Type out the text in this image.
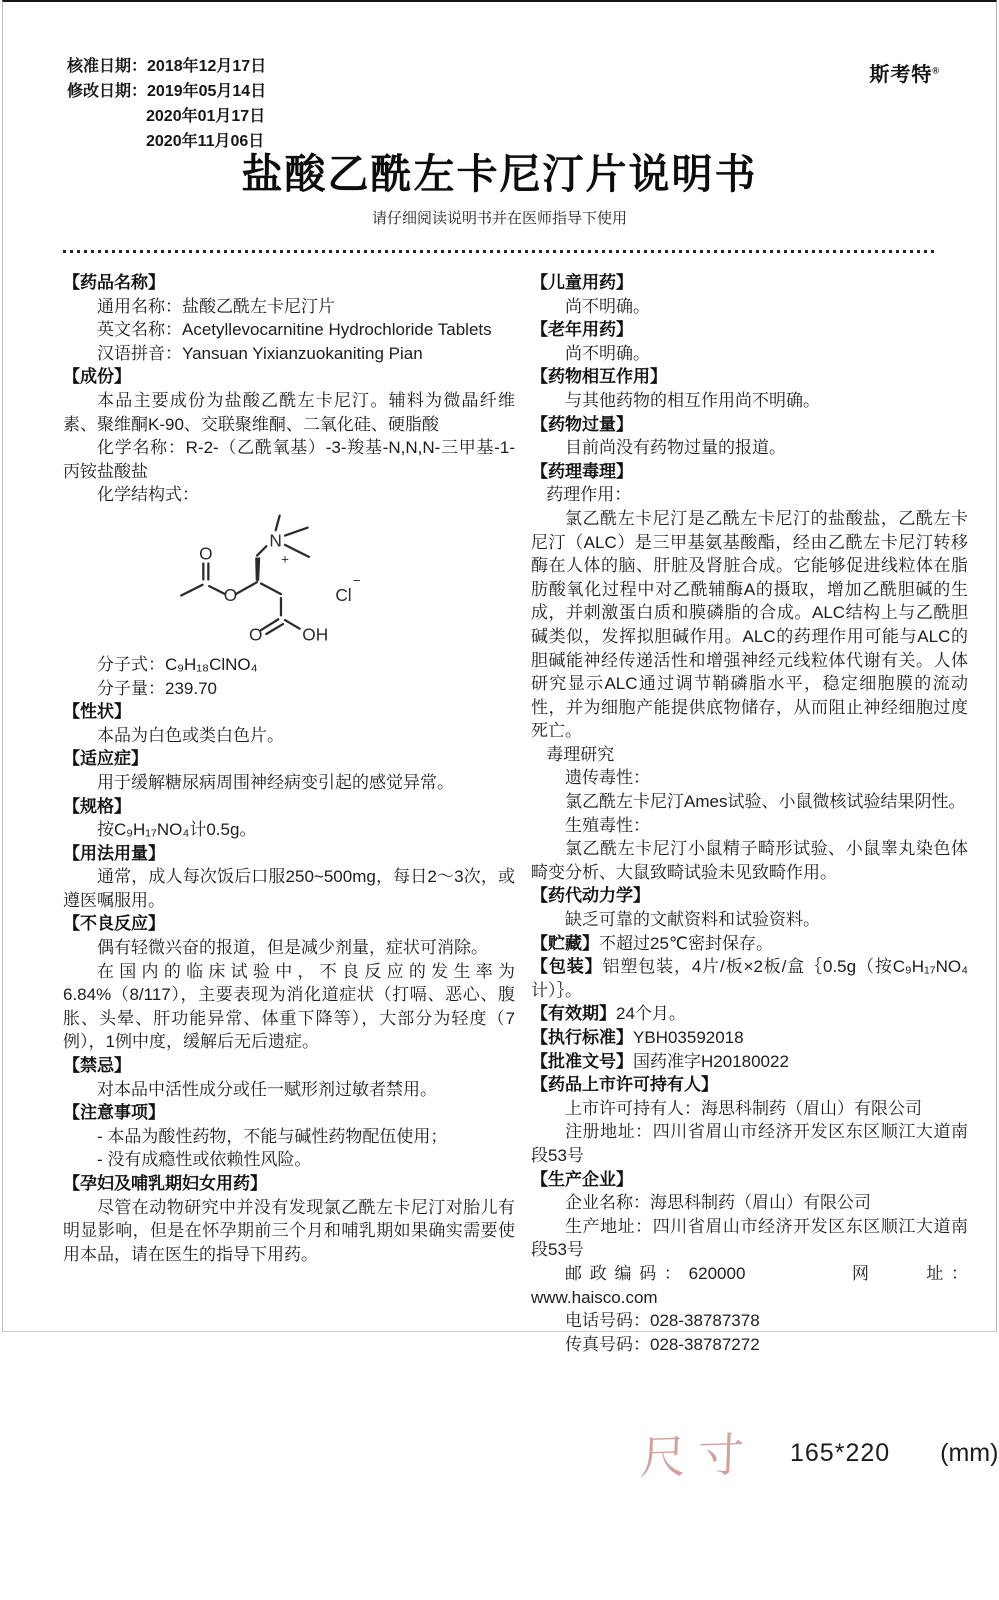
核准日期：2018年12月17日
修改日期：2019年05月14日
2020年01月17日
2020年11月06日
斯考特®
盐酸乙酰左卡尼汀片说明书
请仔细阅读说明书并在医师指导下使用
【药品名称】
通用名称：盐酸乙酰左卡尼汀片
英文名称：Acetyllevocarnitine Hydrochloride Tablets
汉语拼音：Yansuan Yixianzuokaniting Pian
【成份】
本品主要成份为盐酸乙酰左卡尼汀。辅料为微晶纤维素、聚维酮K-90、交联聚维酮、二氧化硅、硬脂酸
化学名称：R-2-（乙酰氧基）-3-羧基-N,N,N-三甲基-1-丙铵盐酸盐
化学结构式：
N
+
O
O
O	OH
Cl
−
分子式：C₉H₁₈ClNO₄
分子量：239.70
【性状】
本品为白色或类白色片。
【适应症】
用于缓解糖尿病周围神经病变引起的感觉异常。
【规格】
按C₉H₁₇NO₄计0.5g。
【用法用量】
通常，成人每次饭后口服250~500mg，每日2～3次，或遵医嘱服用。
【不良反应】
偶有轻微兴奋的报道，但是减少剂量，症状可消除。
在国内的临床试验中，不良反应的发生率为6.84%（8/117），主要表现为消化道症状（打嗝、恶心、腹胀、头晕、肝功能异常、体重下降等），大部分为轻度（7例），1例中度，缓解后无后遗症。
【禁忌】
对本品中活性成分或任一赋形剂过敏者禁用。
【注意事项】
- 本品为酸性药物，不能与碱性药物配伍使用；
- 没有成瘾性或依赖性风险。
【孕妇及哺乳期妇女用药】
尽管在动物研究中并没有发现氯乙酰左卡尼汀对胎儿有明显影响，但是在怀孕期前三个月和哺乳期如果确实需要使用本品，请在医生的指导下用药。
【儿童用药】
尚不明确。
【老年用药】
尚不明确。
【药物相互作用】
与其他药物的相互作用尚不明确。
【药物过量】
目前尚没有药物过量的报道。
【药理毒理】
药理作用：
氯乙酰左卡尼汀是乙酰左卡尼汀的盐酸盐，乙酰左卡尼汀（ALC）是三甲基氨基酸酯，经由乙酰左卡尼汀转移酶在人体的脑、肝脏及肾脏合成。它能够促进线粒体在脂肪酸氧化过程中对乙酰辅酶A的摄取，增加乙酰胆碱的生成，并刺激蛋白质和膜磷脂的合成。ALC结构上与乙酰胆碱类似，发挥拟胆碱作用。ALC的药理作用可能与ALC的胆碱能神经传递活性和增强神经元线粒体代谢有关。人体研究显示ALC通过调节鞘磷脂水平，稳定细胞膜的流动性，并为细胞产能提供底物储存，从而阻止神经细胞过度死亡。
毒理研究
遗传毒性：
氯乙酰左卡尼汀Ames试验、小鼠微核试验结果阴性。
生殖毒性：
氯乙酰左卡尼汀小鼠精子畸形试验、小鼠睾丸染色体畸变分析、大鼠致畸试验未见致畸作用。
【药代动力学】
缺乏可靠的文献资料和试验资料。
【贮藏】不超过25℃密封保存。
【包装】铝塑包装，4片/板×2板/盒｛0.5g（按C₉H₁₇NO₄计）｝。
【有效期】24个月。
【执行标准】YBH03592018
【批准文号】国药准字H20180022
【药品上市许可持有人】
上市许可持有人：海思科制药（眉山）有限公司
注册地址：四川省眉山市经济开发区东区顺江大道南段53号
【生产企业】
企业名称：海思科制药（眉山）有限公司
生产地址：四川省眉山市经济开发区东区顺江大道南段53号
邮政编码：620000　　　　网　　址：www.haisco.com
电话号码：028-38787378
传真号码：028-38787272
尺寸 165*220 (mm)
